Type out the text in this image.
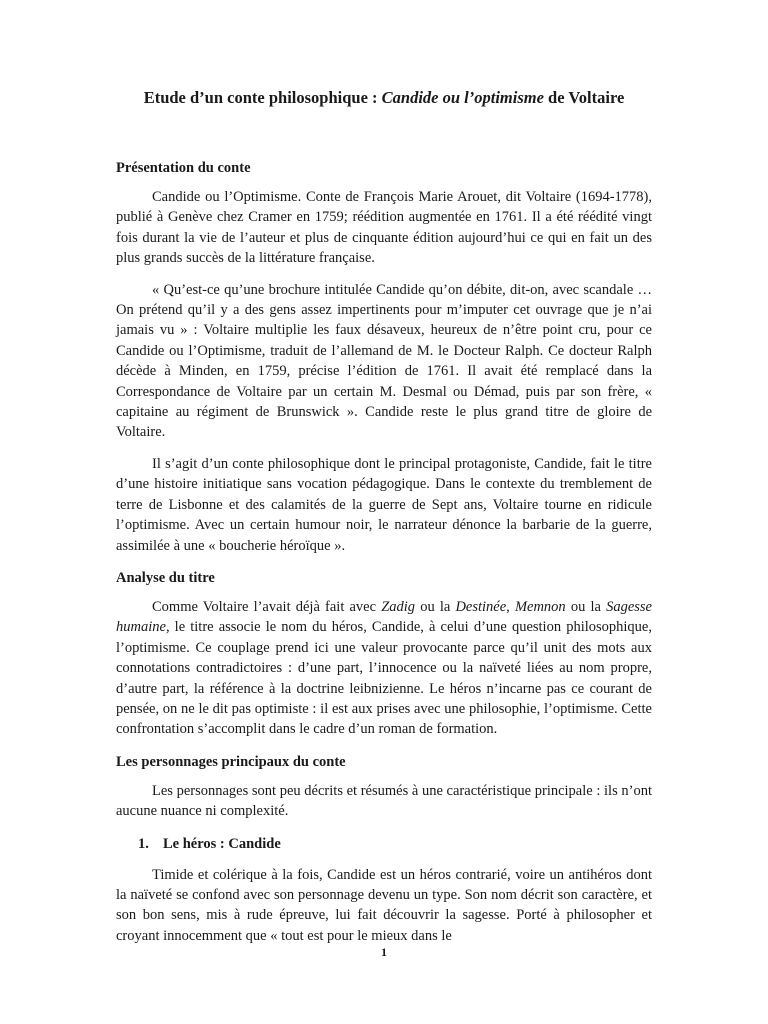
Etude d’un conte philosophique : Candide ou l’optimisme de Voltaire
Présentation du conte

Candide ou l’Optimisme. Conte de François Marie Arouet, dit Voltaire (1694-1778), publié à Genève chez Cramer en 1759; réédition augmentée en 1761. Il a été réédité vingt fois durant la vie de l’auteur et plus de cinquante édition aujourd’hui ce qui en fait un des plus grands succès de la littérature française.

« Qu’est-ce qu’une brochure intitulée Candide qu’on débite, dit-on, avec scandale … On prétend qu’il y a des gens assez impertinents pour m’imputer cet ouvrage que je n’ai jamais vu » : Voltaire multiplie les faux désaveux, heureux de n’être point cru, pour ce Candide ou l’Optimisme, traduit de l’allemand de M. le Docteur Ralph. Ce docteur Ralph décède à Minden, en 1759, précise l’édition de 1761. Il avait été remplacé dans la Correspondance de Voltaire par un certain M. Desmal ou Démad, puis par son frère, « capitaine au régiment de Brunswick ». Candide reste le plus grand titre de gloire de Voltaire.

Il s’agit d’un conte philosophique dont le principal protagoniste, Candide, fait le titre d’une histoire initiatique sans vocation pédagogique. Dans le contexte du tremblement de terre de Lisbonne et des calamités de la guerre de Sept ans, Voltaire tourne en ridicule l’optimisme. Avec un certain humour noir, le narrateur dénonce la barbarie de la guerre, assimilée à une « boucherie héroïque ».

Analyse du titre

Comme Voltaire l’avait déjà fait avec Zadig ou la Destinée, Memnon ou la Sagesse humaine, le titre associe le nom du héros, Candide, à celui d’une question philosophique, l’optimisme. Ce couplage prend ici une valeur provocante parce qu’il unit des mots aux connotations contradictoires : d’une part, l’innocence ou la naïveté liées au nom propre, d’autre part, la référence à la doctrine leibnizienne. Le héros n’incarne pas ce courant de pensée, on ne le dit pas optimiste : il est aux prises avec une philosophie, l’optimisme. Cette confrontation s’accomplit dans le cadre d’un roman de formation.

Les personnages principaux du conte

Les personnages sont peu décrits et résumés à une caractéristique principale : ils n’ont aucune nuance ni complexité.

1. Le héros : Candide

Timide et colérique à la fois, Candide est un héros contrarié, voire un antihéros dont la naïveté se confond avec son personnage devenu un type. Son nom décrit son caractère, et son bon sens, mis à rude épreuve, lui fait découvrir la sagesse. Porté à philosopher et croyant innocemment que « tout est pour le mieux dans le

1
